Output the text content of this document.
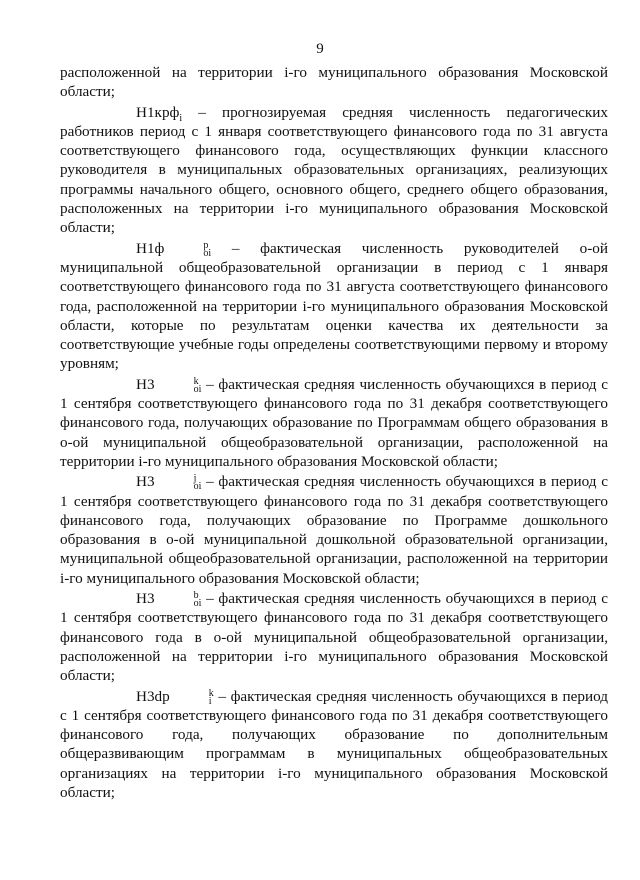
9

расположенной на территории i-го муниципального образования Московской области;

Н1крф$_i$ – прогнозируемая средняя численность педагогических работников период с 1 января соответствующего финансового года по 31 августа соответствующего финансового года, осуществляющих функции классного руководителя в муниципальных образовательных организациях, реализующих программы начального общего, основного общего, среднего общего образования, расположенных на территории i-го муниципального образования Московской области;

Н1ф	p
oi – фактическая численность руководителей o-ой муниципальной общеобразовательной организации в период с 1 января соответствующего финансового года по 31 августа соответствующего финансового года, расположенной на территории i-го муниципального образования Московской области, которые по результатам оценки качества их деятельности за соответствующие учебные годы определены соответствующими первому и второму уровням;

Н3	k
oi – фактическая средняя численность обучающихся в период с 1 сентября соответствующего финансового года по 31 декабря соответствующего финансового года, получающих образование по Программам общего образования в o-ой муниципальной общеобразовательной организации, расположенной на территории i-го муниципального образования Московской области;

Н3	j
oi – фактическая средняя численность обучающихся в период с 1 сентября соответствующего финансового года по 31 декабря соответствующего финансового года, получающих образование по Программе дошкольного образования в o-ой муниципальной дошкольной образовательной организации, муниципальной общеобразовательной организации, расположенной на территории i-го муниципального образования Московской области;

Н3	b
oi – фактическая средняя численность обучающихся в период с 1 сентября соответствующего финансового года по 31 декабря соответствующего финансового года в o-ой муниципальной общеобразовательной организации, расположенной на территории i-го муниципального образования Московской области;

Н3dp	k
i – фактическая средняя численность обучающихся в период с 1 сентября соответствующего финансового года по 31 декабря соответствующего финансового года, получающих образование по дополнительным общеразвивающим программам в муниципальных общеобразовательных организациях на территории i-го муниципального образования Московской области;
